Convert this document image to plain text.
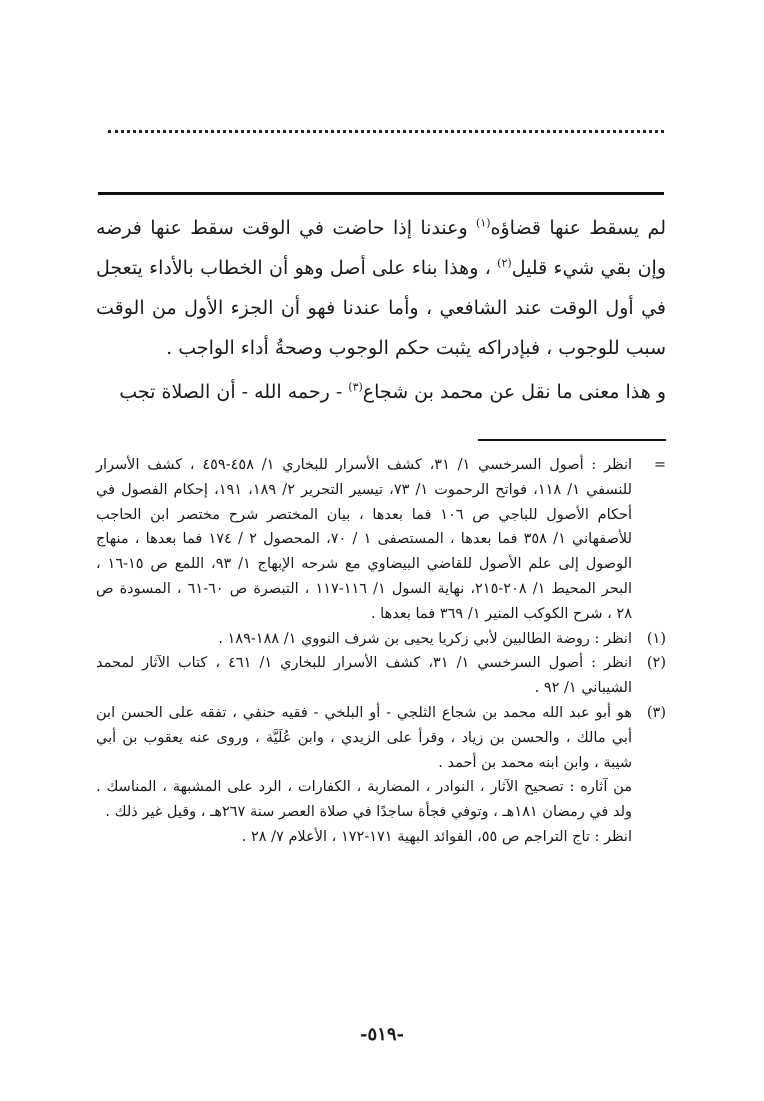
لم يسقط عنها قضاؤه$^{(١)}$ وعندنا إذا حاضت في الوقت سقط عنها فرضه وإن بقي شيء قليل$^{(٢)}$ ، وهذا بناء على أصل وهو أن الخطاب بالأداء يتعجل في أول الوقت عند الشافعي ، وأما عندنا فهو أن الجزء الأول من الوقت سبب للوجوب ، فبإدراكه يثبت حكم الوجوب وصحةُ أداء الواجب .

و هذا معنى ما نقل عن محمد بن شجاع$^{(٣)}$ - رحمه الله - أن الصلاة تجب

=

انظر : أصول السرخسي ١/ ٣١، كشف الأسرار للبخاري ١/ ٤٥٨-٤٥٩ ، كشف الأسرار للنسفي ١/ ١١٨، فواتح الرحموت ١/ ٧٣، تيسير التحرير ٢/ ١٨٩، ١٩١، إحكام الفصول في أحكام الأصول للباجي ص ١٠٦ فما بعدها ، بيان المختصر شرح مختصر ابن الحاجب للأصفهاني ١/ ٣٥٨ فما بعدها ، المستصفى ١ / ٧٠، المحصول ٢ / ١٧٤ فما بعدها ، منهاج الوصول إلى علم الأصول للقاضي البيضاوي مع شرحه الإبهاج ١/ ٩٣، اللمع ص ١٥-١٦ ، البحر المحيط ١/ ٢٠٨-٢١٥، نهاية السول ١/ ١١٦-١١٧ ، التبصرة ص ٦٠-٦١ ، المسودة ص ٢٨ ، شرح الكوكب المنير ١/ ٣٦٩ فما بعدها .

(١)

انظر : روضة الطالبين لأبي زكريا يحيى بن شرف النووي ١/ ١٨٨-١٨٩ .

(٢)

انظر : أصول السرخسي ١/ ٣١، كشف الأسرار للبخاري ١/ ٤٦١ ، كتاب الآثار لمحمد الشيباني ١/ ٩٢ .

(٣)

هو أبو عبد الله محمد بن شجاع الثلجي - أو البلخي - فقيه حنفي ، تفقه على الحسن ابن أبي مالك ، والحسن بن زياد ، وقرأ على الزيدي ، وابن عُلَيَّة ، وروى عنه يعقوب بن أبي شيبة ، وابن ابنه محمد بن أحمد .

من آثاره : تصحيح الآثار ، النوادر ، المضاربة ، الكفارات ، الرد على المشبهة ، المناسك . ولد في رمضان ١٨١هـ ، وتوفي فجأة ساجدًا في صلاة العصر سنة ٢٦٧هـ ، وقيل غير ذلك .

انظر : تاج التراجم ص ٥٥، الفوائد البهية ١٧١-١٧٢ ، الأعلام ٧/ ٢٨ .

-٥١٩-
